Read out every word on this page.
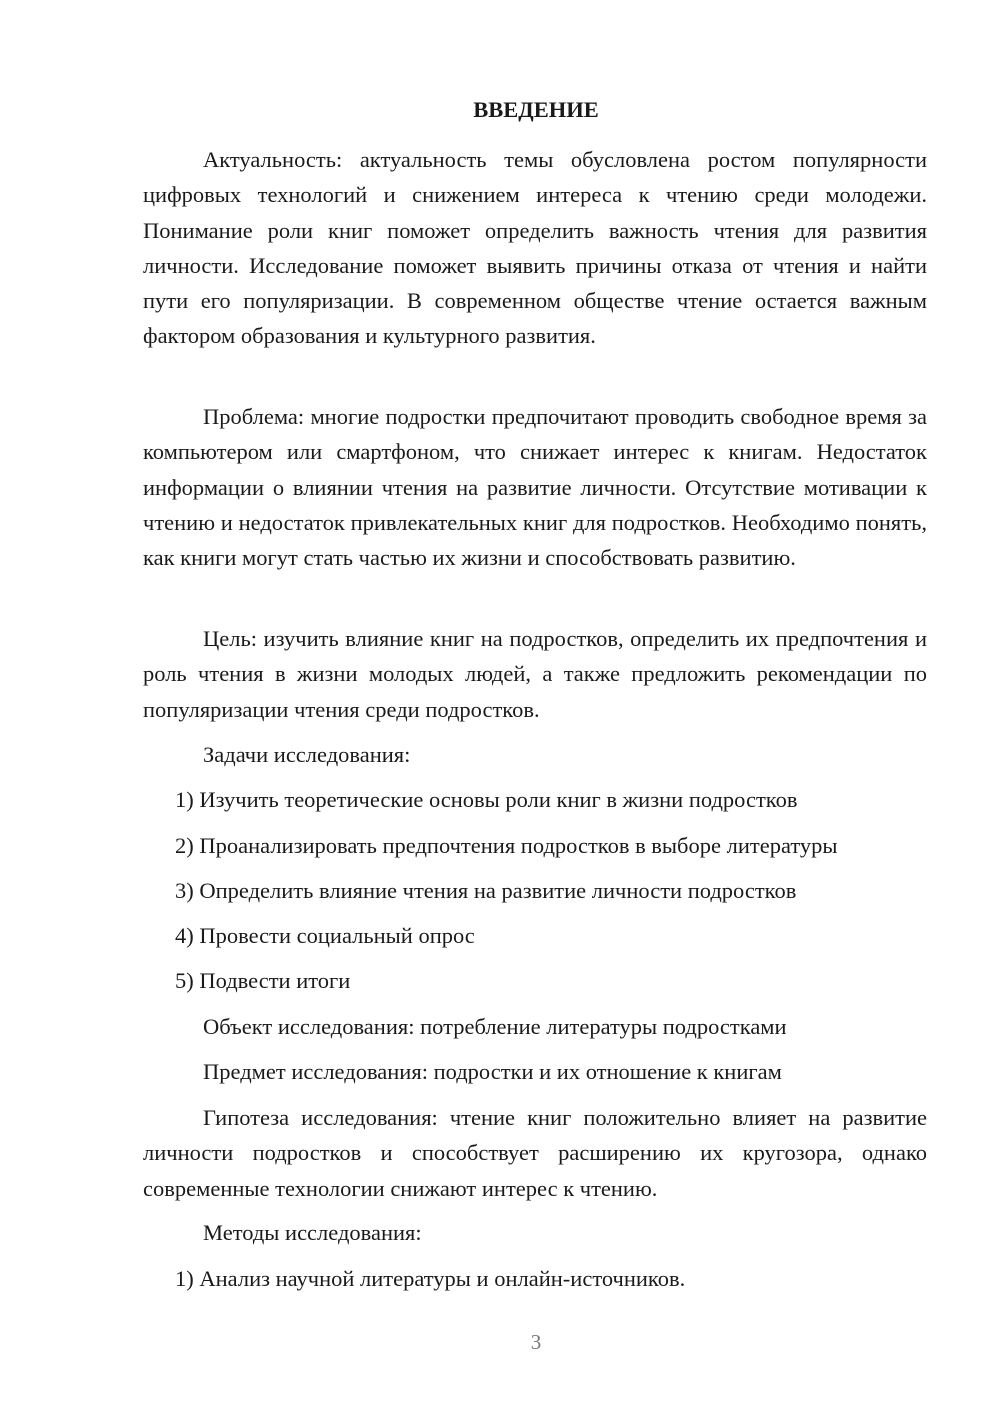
ВВЕДЕНИЕ

Актуальность: актуальность темы обусловлена ростом популярности цифровых технологий и снижением интереса к чтению среди молодежи. Понимание роли книг поможет определить важность чтения для развития личности. Исследование поможет выявить причины отказа от чтения и найти пути его популяризации. В современном обществе чтение остается важным фактором образования и культурного развития.

Проблема: многие подростки предпочитают проводить свободное время за компьютером или смартфоном, что снижает интерес к книгам. Недостаток информации о влиянии чтения на развитие личности. Отсутствие мотивации к чтению и недостаток привлекательных книг для подростков. Необходимо понять, как книги могут стать частью их жизни и способствовать развитию.

Цель: изучить влияние книг на подростков, определить их предпочтения и роль чтения в жизни молодых людей, а также предложить рекомендации по популяризации чтения среди подростков.

Задачи исследования:

1) Изучить теоретические основы роли книг в жизни подростков

2) Проанализировать предпочтения подростков в выборе литературы

3) Определить влияние чтения на развитие личности подростков

4) Провести социальный опрос

5) Подвести итоги

Объект исследования: потребление литературы подростками

Предмет исследования: подростки и их отношение к книгам

Гипотеза исследования: чтение книг положительно влияет на развитие личности подростков и способствует расширению их кругозора, однако современные технологии снижают интерес к чтению.

Методы исследования:

1) Анализ научной литературы и онлайн-источников.

3
